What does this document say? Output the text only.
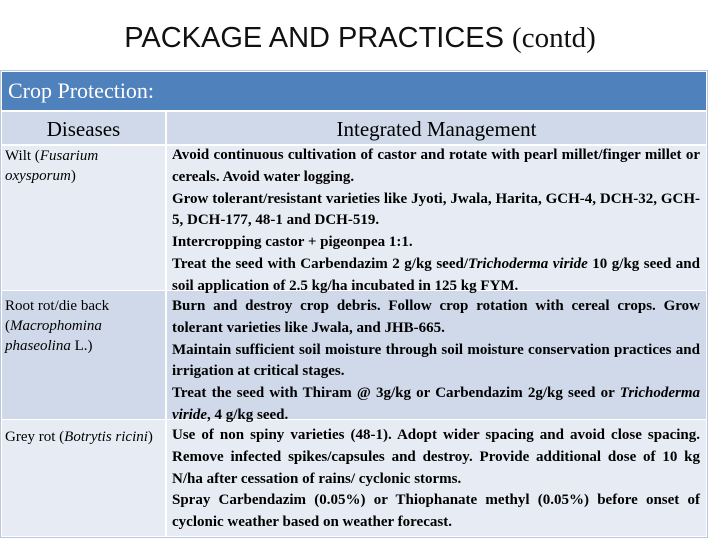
PACKAGE AND PRACTICES (contd)
Crop Protection:
Diseases	Integrated Management
Wilt (Fusarium oxysporum)
Root rot/die back (Macrophomina phaseolina L.)
Grey rot (Botrytis ricini)

Avoid continuous cultivation of castor and rotate with pearl millet/finger millet or cereals. Avoid water logging.

Grow tolerant/resistant varieties like Jyoti, Jwala, Harita, GCH-4, DCH-32, GCH-5, DCH-177, 48-1 and DCH-519.

Intercropping castor + pigeonpea 1:1.

Treat the seed with Carbendazim 2 g/kg seed/Trichoderma viride 10 g/kg seed and soil application of 2.5 kg/ha incubated in 125 kg FYM.

Burn and destroy crop debris. Follow crop rotation with cereal crops. Grow tolerant varieties like Jwala, and JHB-665.

Maintain sufficient soil moisture through soil moisture conservation practices and irrigation at critical stages.

Treat the seed with Thiram @ 3g/kg or Carbendazim 2g/kg seed or Trichoderma viride, 4 g/kg seed.

Use of non spiny varieties (48-1). Adopt wider spacing and avoid close spacing. Remove infected spikes/capsules and destroy. Provide additional dose of 10 kg N/ha after cessation of rains/ cyclonic storms.

Spray Carbendazim (0.05%) or Thiophanate methyl (0.05%) before onset of cyclonic weather based on weather forecast.
